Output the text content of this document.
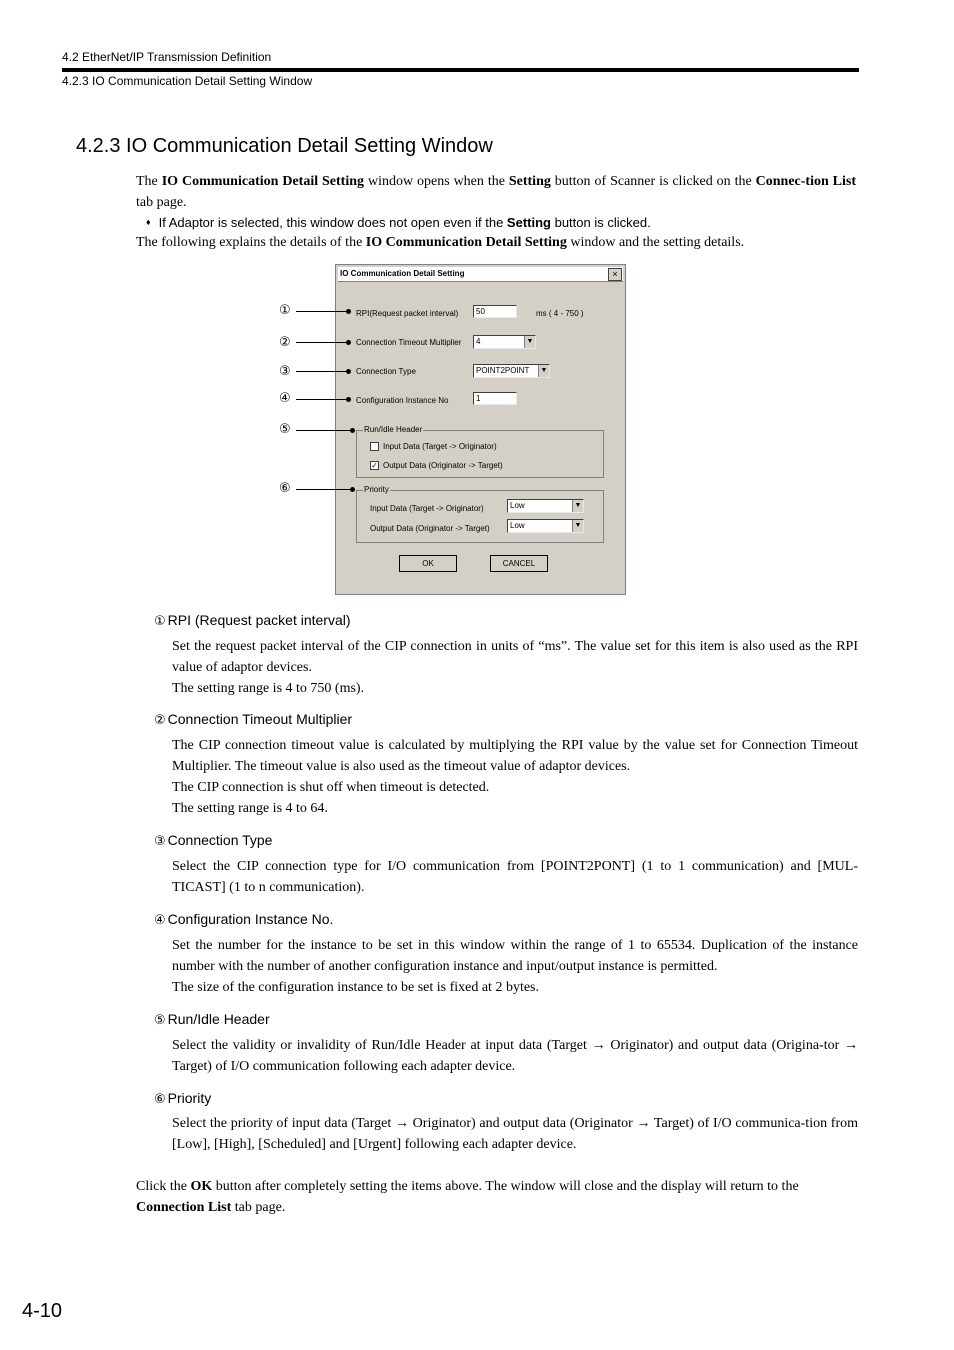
4.2 EtherNet/IP Transmission Definition
4.2.3 IO Communication Detail Setting Window
4.2.3 IO Communication Detail Setting Window
The IO Communication Detail Setting window opens when the Setting button of Scanner is clicked on the Connec-tion List tab page.
♦ If Adaptor is selected, this window does not open even if the Setting button is clicked.
The following explains the details of the IO Communication Detail Setting window and the setting details.
IO Communication Detail Setting	×
RPI(Request packet interval)	50	ms ( 4 - 750 )
Connection Timeout Multiplier	4	▼
Connection Type	POINT2POINT	▼
Configuration Instance No	1
Run/Idle Header
Input Data (Target -> Originator)
✓ Output Data (Originator -> Target)
Priority
Input Data (Target -> Originator)	Low	▼
Output Data (Originator -> Target)	Low	▼
OK	CANCEL
①
②
③
④
⑤
⑥
① RPI (Request packet interval)
Set the request packet interval of the CIP connection in units of “ms”. The value set for this item is also used as the RPI value of adaptor devices.
The setting range is 4 to 750 (ms).
② Connection Timeout Multiplier
The CIP connection timeout value is calculated by multiplying the RPI value by the value set for Connection Timeout Multiplier. The timeout value is also used as the timeout value of adaptor devices.
The CIP connection is shut off when timeout is detected.
The setting range is 4 to 64.
③ Connection Type
Select the CIP connection type for I/O communication from [POINT2PONT] (1 to 1 communication) and [MUL-TICAST] (1 to n communication).
④ Configuration Instance No.
Set the number for the instance to be set in this window within the range of 1 to 65534. Duplication of the instance number with the number of another configuration instance and input/output instance is permitted.
The size of the configuration instance to be set is fixed at 2 bytes.
⑤ Run/Idle Header
Select the validity or invalidity of Run/Idle Header at input data (Target → Originator) and output data (Origina-tor → Target) of I/O communication following each adapter device.
⑥ Priority
Select the priority of input data (Target → Originator) and output data (Originator → Target) of I/O communica-tion from [Low], [High], [Scheduled] and [Urgent] following each adapter device.
Click the OK button after completely setting the items above. The window will close and the display will return to the Connection List tab page.
4-10
